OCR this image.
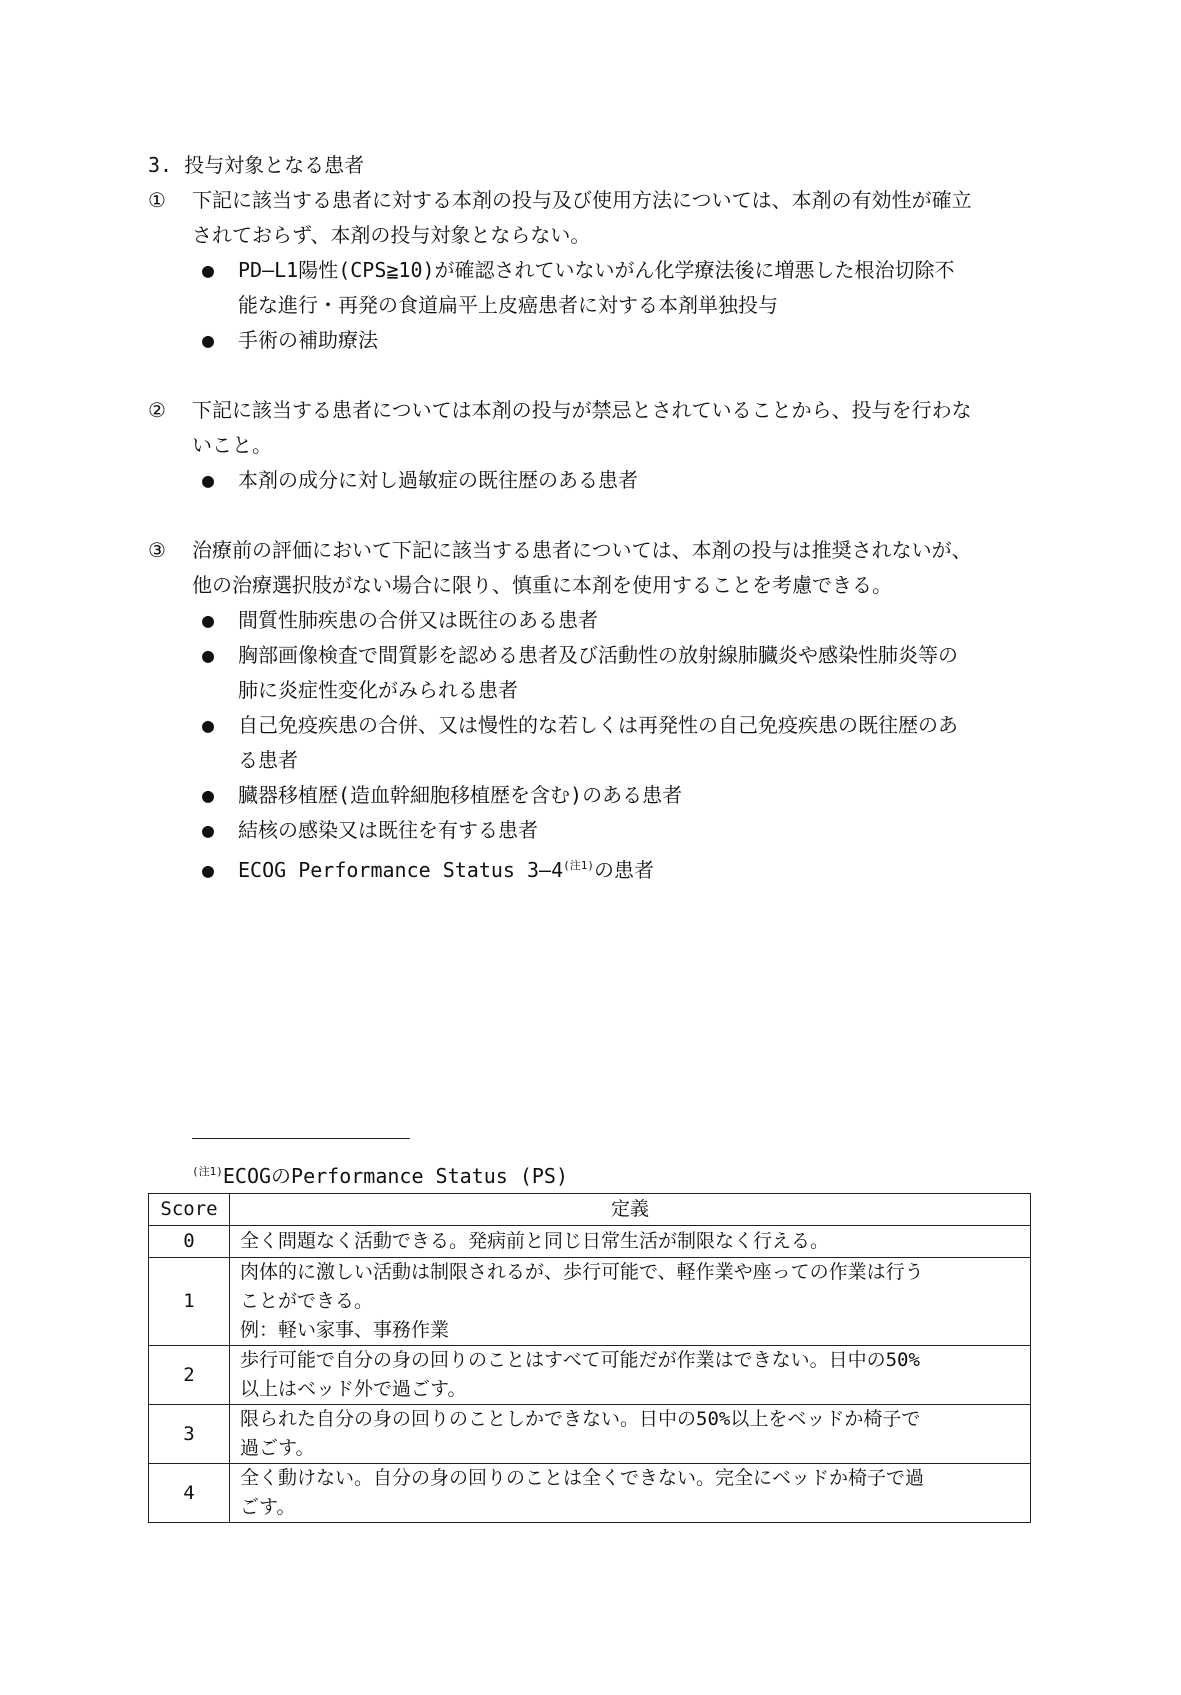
3. 投与対象となる患者
① 下記に該当する患者に対する本剤の投与及び使用方法については、本剤の有効性が確立
されておらず、本剤の投与対象とならない。
● PD―L1陽性(CPS≧10)が確認されていないがん化学療法後に増悪した根治切除不
能な進行・再発の食道扁平上皮癌患者に対する本剤単独投与
● 手術の補助療法
② 下記に該当する患者については本剤の投与が禁忌とされていることから、投与を行わな
いこと。
● 本剤の成分に対し過敏症の既往歴のある患者
③ 治療前の評価において下記に該当する患者については、本剤の投与は推奨されないが、
他の治療選択肢がない場合に限り、慎重に本剤を使用することを考慮できる。
● 間質性肺疾患の合併又は既往のある患者
● 胸部画像検査で間質影を認める患者及び活動性の放射線肺臓炎や感染性肺炎等の
肺に炎症性変化がみられる患者
● 自己免疫疾患の合併、又は慢性的な若しくは再発性の自己免疫疾患の既往歴のあ
る患者
● 臓器移植歴(造血幹細胞移植歴を含む)のある患者
● 結核の感染又は既往を有する患者
● ECOG Performance Status $3―4^{(注1)}$の患者
$^{(注1)}$ECOGのPerformance Status (PS)
Score	定義
0	全く問題なく活動できる。発病前と同じ日常生活が制限なく行える。

1	肉体的に激しい活動は制限されるが、歩行可能で、軽作業や座っての作業は行う
ことができる。
例：軽い家事、事務作業

2	歩行可能で自分の身の回りのことはすべて可能だが作業はできない。日中の50%
以上はベッド外で過ごす。

3	限られた自分の身の回りのことしかできない。日中の50%以上をベッドか椅子で
過ごす。

4	全く動けない。自分の身の回りのことは全くできない。完全にベッドか椅子で過
ごす。
